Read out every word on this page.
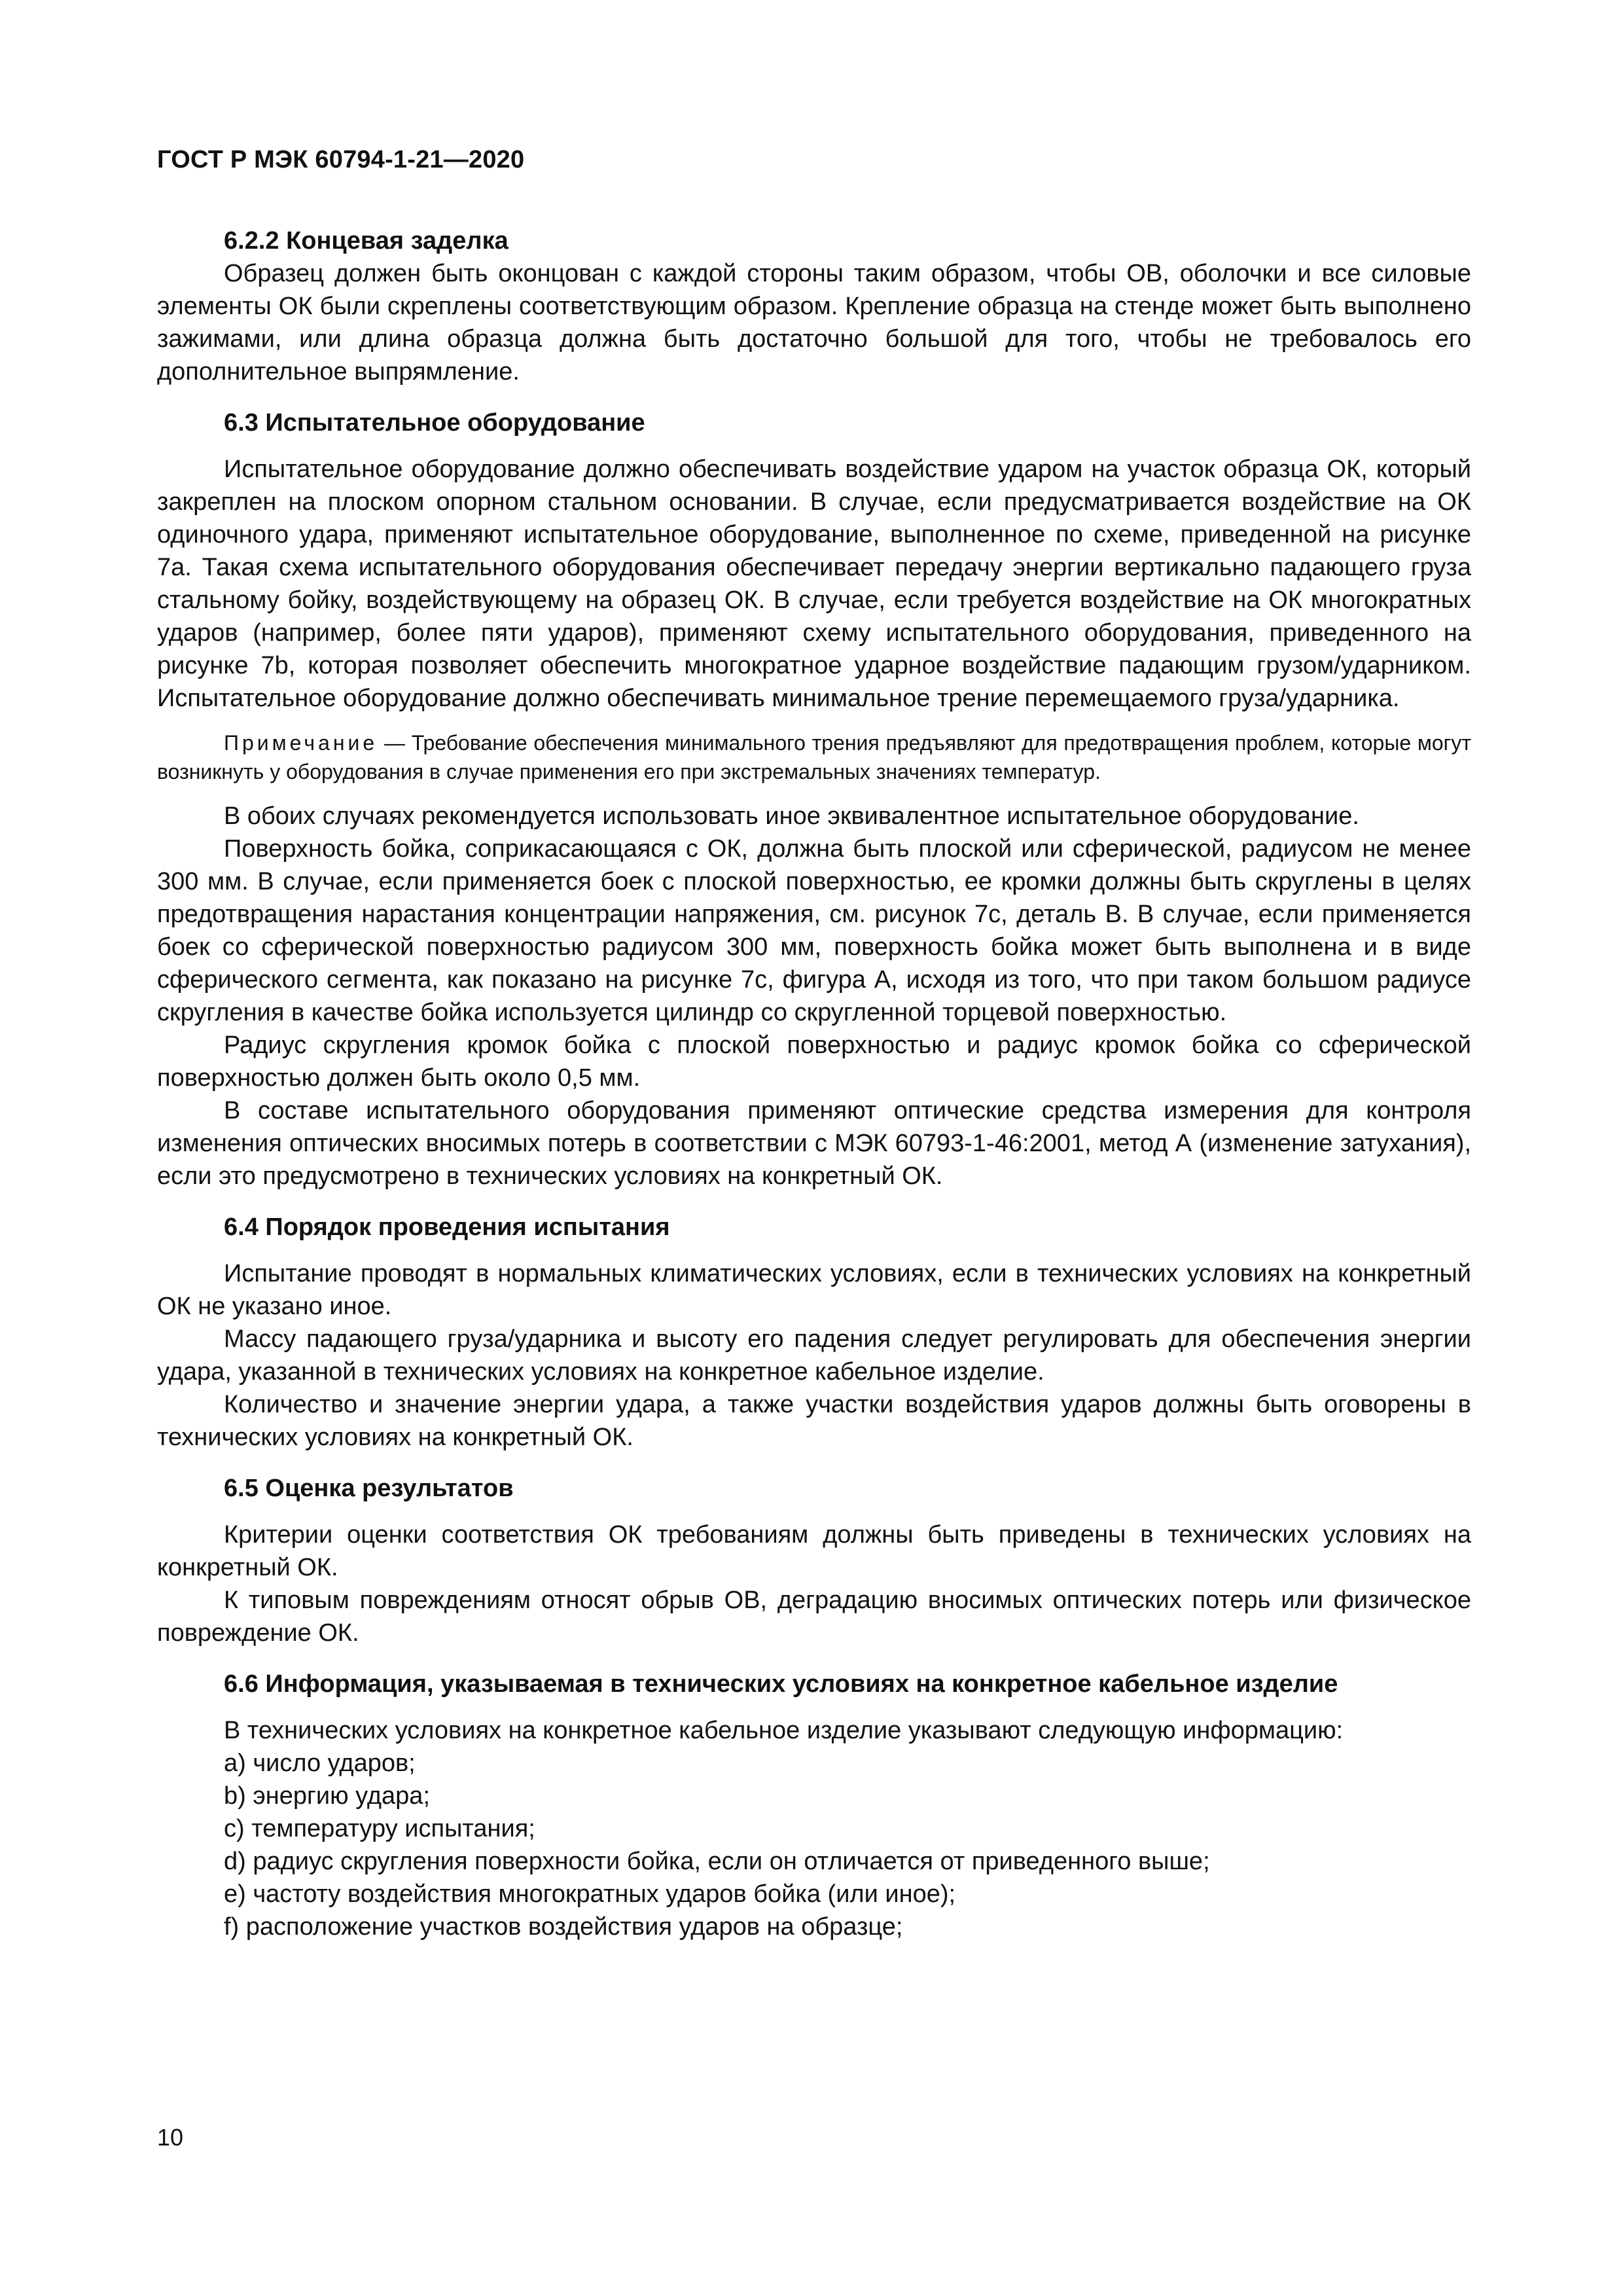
ГОСТ Р МЭК 60794-1-21—2020
6.2.2 Концевая заделка

Образец должен быть оконцован с каждой стороны таким образом, чтобы ОВ, оболочки и все силовые элементы ОК были скреплены соответствующим образом. Крепление образца на стенде может быть выполнено зажимами, или длина образца должна быть достаточно большой для того, чтобы не требовалось его дополнительное выпрямление.

6.3 Испытательное оборудование

Испытательное оборудование должно обеспечивать воздействие ударом на участок образца ОК, который закреплен на плоском опорном стальном основании. В случае, если предусматривается воздействие на ОК одиночного удара, применяют испытательное оборудование, выполненное по схеме, приведенной на рисунке 7a. Такая схема испытательного оборудования обеспечивает передачу энергии вертикально падающего груза стальному бойку, воздействующему на образец ОК. В случае, если требуется воздействие на ОК многократных ударов (например, более пяти ударов), применяют схему испытательного оборудования, приведенного на рисунке 7b, которая позволяет обеспечить многократное ударное воздействие падающим грузом/ударником. Испытательное оборудование должно обеспечивать минимальное трение перемещаемого груза/ударника.

Примечание — Требование обеспечения минимального трения предъявляют для предотвращения проблем, которые могут возникнуть у оборудования в случае применения его при экстремальных значениях температур.

В обоих случаях рекомендуется использовать иное эквивалентное испытательное оборудование.

Поверхность бойка, соприкасающаяся с ОК, должна быть плоской или сферической, радиусом не менее 300 мм. В случае, если применяется боек с плоской поверхностью, ее кромки должны быть скруглены в целях предотвращения нарастания концентрации напряжения, см. рисунок 7c, деталь В. В случае, если применяется боек со сферической поверхностью радиусом 300 мм, поверхность бойка может быть выполнена и в виде сферического сегмента, как показано на рисунке 7c, фигура А, исходя из того, что при таком большом радиусе скругления в качестве бойка используется цилиндр со скругленной торцевой поверхностью.

Радиус скругления кромок бойка с плоской поверхностью и радиус кромок бойка со сферической поверхностью должен быть около 0,5 мм.

В составе испытательного оборудования применяют оптические средства измерения для контроля изменения оптических вносимых потерь в соответствии с МЭК 60793-1-46:2001, метод А (изменение затухания), если это предусмотрено в технических условиях на конкретный ОК.

6.4 Порядок проведения испытания

Испытание проводят в нормальных климатических условиях, если в технических условиях на конкретный ОК не указано иное.

Массу падающего груза/ударника и высоту его падения следует регулировать для обеспечения энергии удара, указанной в технических условиях на конкретное кабельное изделие.

Количество и значение энергии удара, а также участки воздействия ударов должны быть оговорены в технических условиях на конкретный ОК.

6.5 Оценка результатов

Критерии оценки соответствия ОК требованиям должны быть приведены в технических условиях на конкретный ОК.

К типовым повреждениям относят обрыв ОВ, деградацию вносимых оптических потерь или физическое повреждение ОК.

6.6 Информация, указываемая в технических условиях на конкретное кабельное изделие

В технических условиях на конкретное кабельное изделие указывают следующую информацию:

a) число ударов;

b) энергию удара;

c) температуру испытания;

d) радиус скругления поверхности бойка, если он отличается от приведенного выше;

e) частоту воздействия многократных ударов бойка (или иное);

f) расположение участков воздействия ударов на образце;

10
